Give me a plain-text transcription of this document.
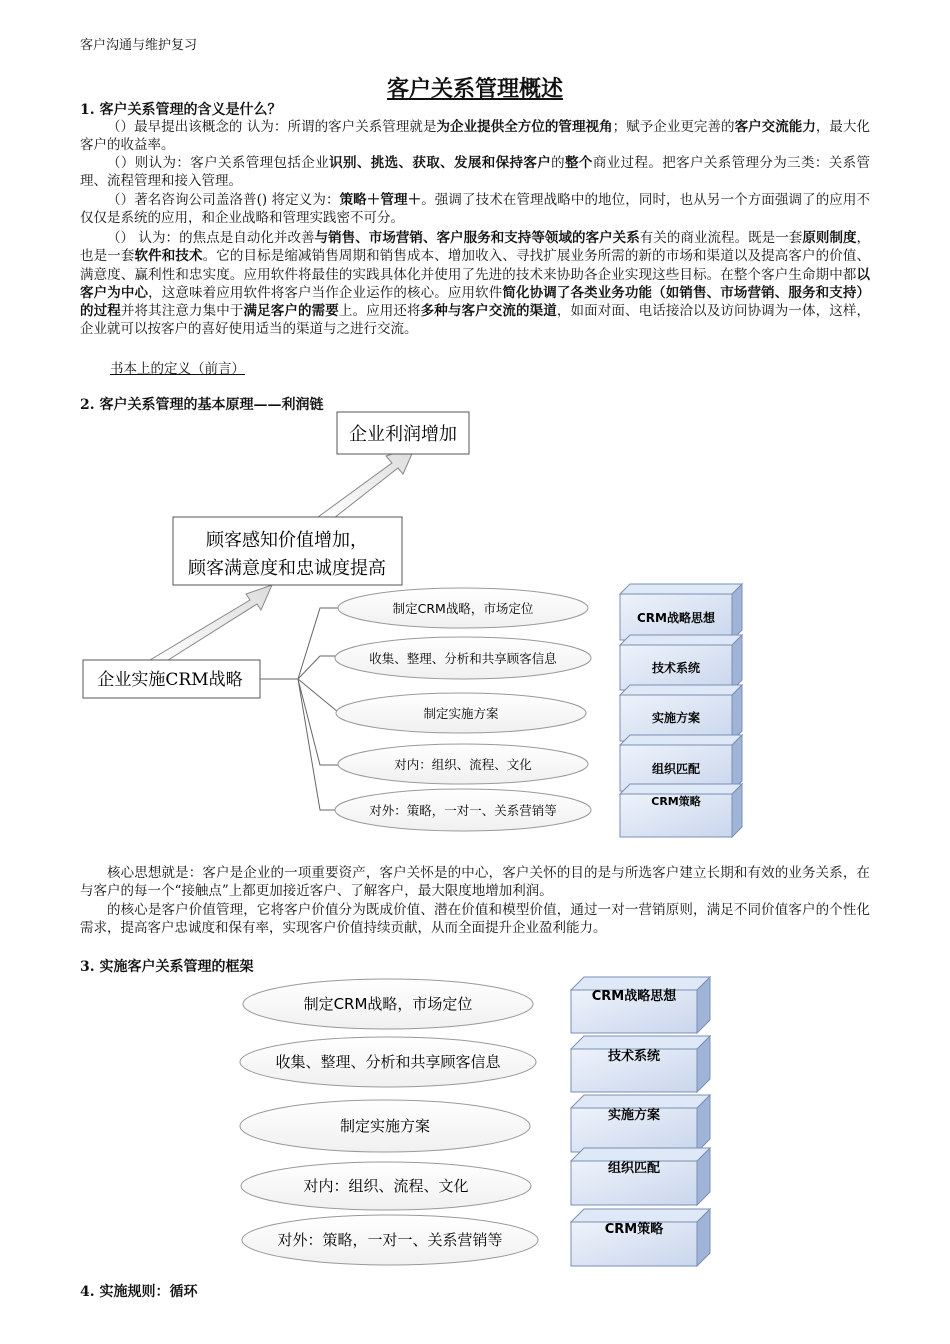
客户沟通与维护复习
客户关系管理概述
1. 客户关系管理的含义是什么？
（）最早提出该概念的 认为：所谓的客户关系管理就是为企业提供全方位的管理视角；赋予企业更完善的客户交流能力，最大化客户的收益率。
（）则认为：客户关系管理包括企业识别、挑选、获取、发展和保持客户的整个商业过程。把客户关系管理分为三类：关系管理、流程管理和接入管理。
（）著名咨询公司盖洛普() 将定义为：策略＋管理＋。强调了技术在管理战略中的地位，同时，也从另一个方面强调了的应用不仅仅是系统的应用，和企业战略和管理实践密不可分。
（） 认为：的焦点是自动化并改善与销售、市场营销、客户服务和支持等领域的客户关系有关的商业流程。既是一套原则制度，也是一套软件和技术。它的目标是缩减销售周期和销售成本、增加收入、寻找扩展业务所需的新的市场和渠道以及提高客户的价值、满意度、赢利性和忠实度。应用软件将最佳的实践具体化并使用了先进的技术来协助各企业实现这些目标。在整个客户生命期中都以客户为中心，这意味着应用软件将客户当作企业运作的核心。应用软件简化协调了各类业务功能（如销售、市场营销、服务和支持）的过程并将其注意力集中于满足客户的需要上。应用还将多种与客户交流的渠道，如面对面、电话接洽以及访问协调为一体，这样，企业就可以按客户的喜好使用适当的渠道与之进行交流。
书本上的定义（前言）
2. 客户关系管理的基本原理——利润链
企业利润增加
顾客感知价值增加，
顾客满意度和忠诚度提高
企业实施CRM战略
制定CRM战略，市场定位
收集、整理、分析和共享顾客信息
制定实施方案
对内：组织、流程、文化
对外：策略，一对一、关系营销等
CRM战略思想
技术系统
实施方案
组织匹配
CRM策略
核心思想就是：客户是企业的一项重要资产，客户关怀是的中心，客户关怀的目的是与所选客户建立长期和有效的业务关系，在与客户的每一个“接触点”上都更加接近客户、了解客户，最大限度地增加利润。
的核心是客户价值管理，它将客户价值分为既成价值、潜在价值和模型价值，通过一对一营销原则，满足不同价值客户的个性化需求，提高客户忠诚度和保有率，实现客户价值持续贡献，从而全面提升企业盈利能力。
3. 实施客户关系管理的框架
制定CRM战略，市场定位
收集、整理、分析和共享顾客信息
制定实施方案
对内：组织、流程、文化
对外：策略，一对一、关系营销等
CRM战略思想
技术系统
实施方案
组织匹配
CRM策略
4. 实施规则：循环
